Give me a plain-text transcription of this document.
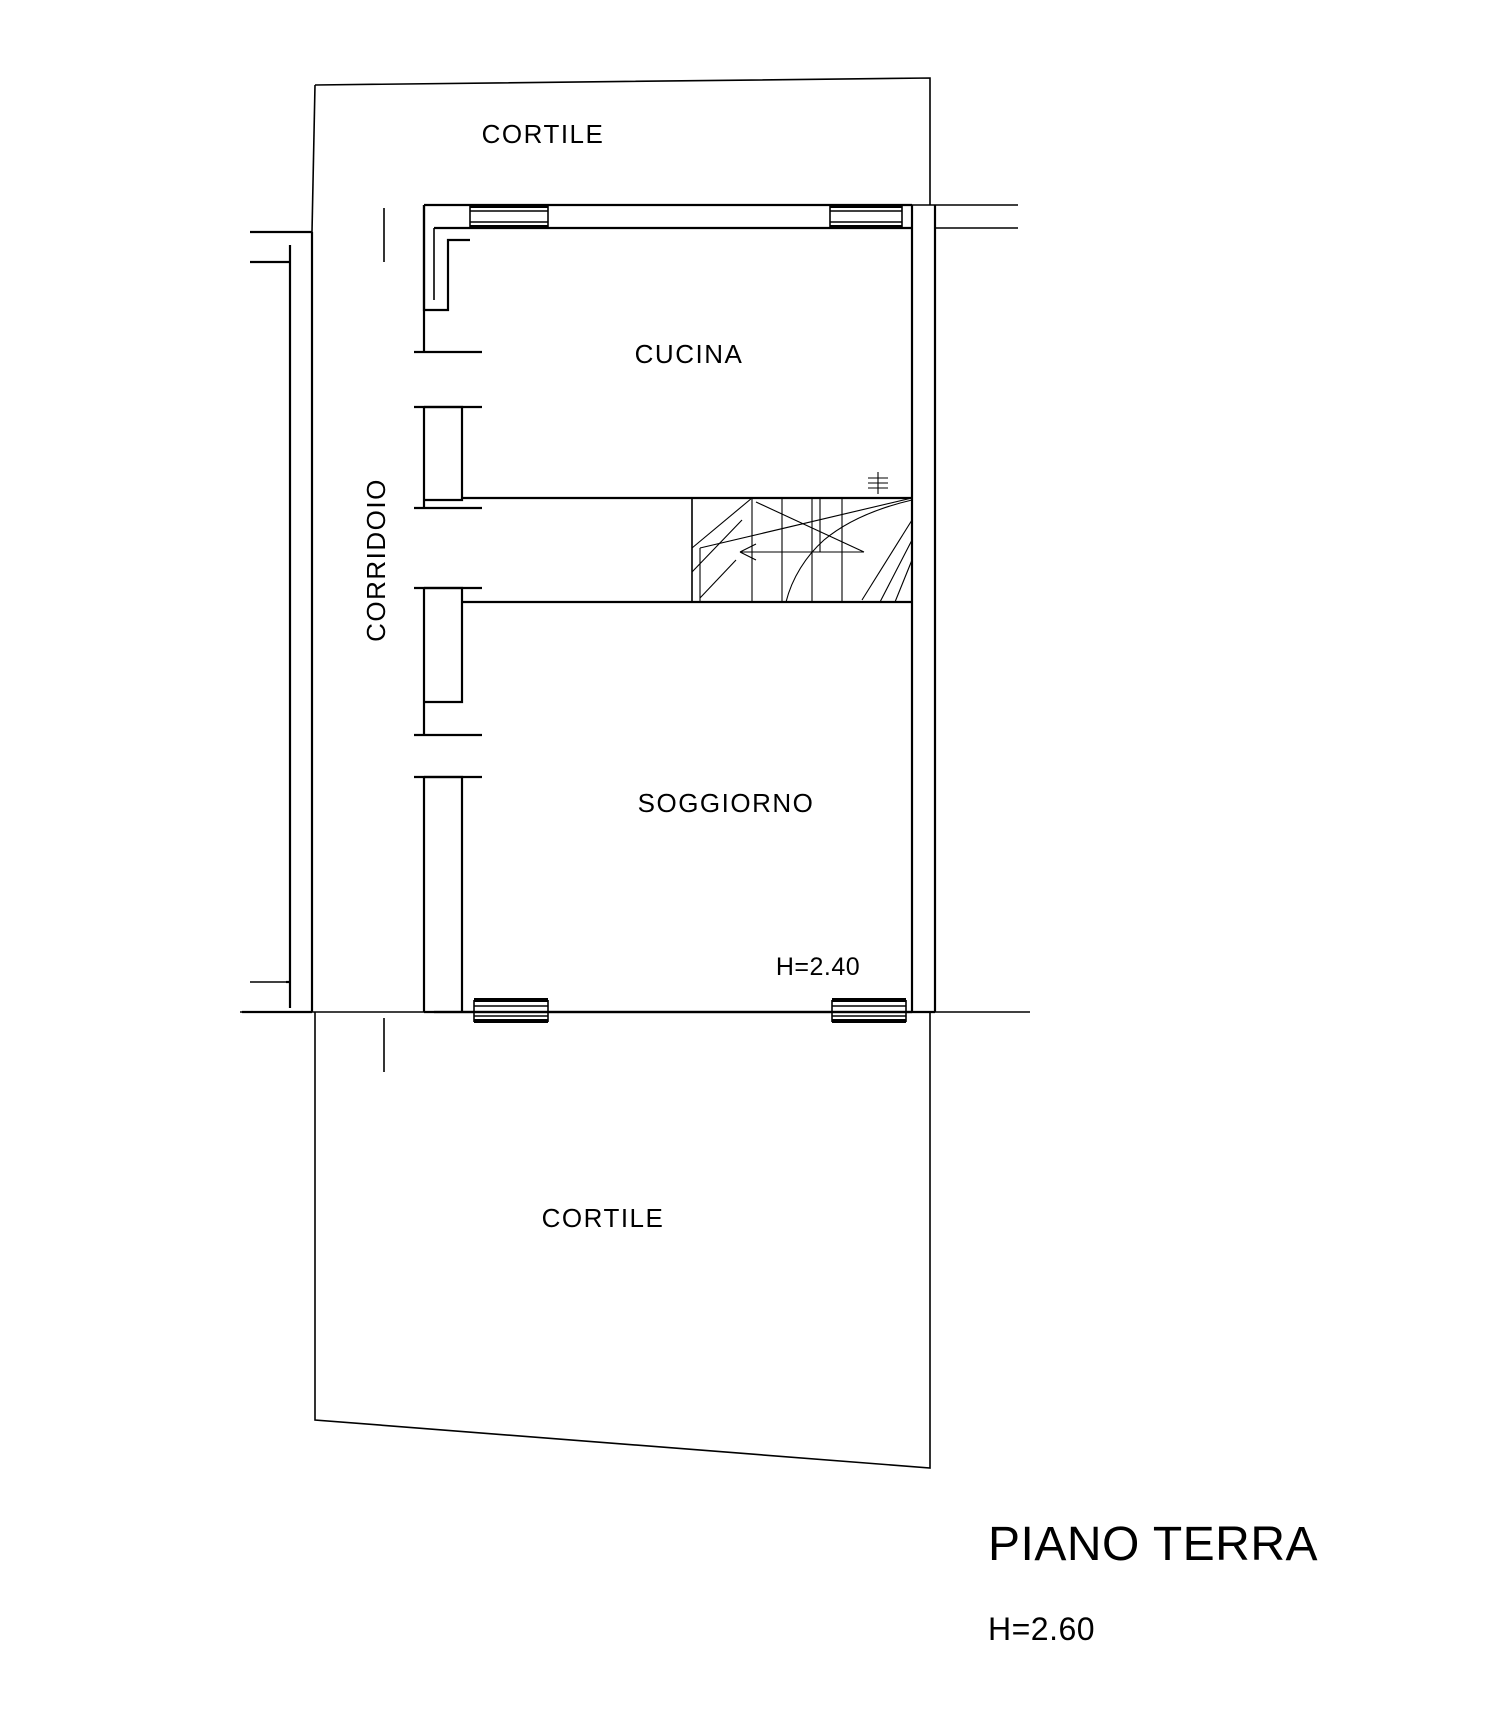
CORTILE
CUCINA
CORRIDOIO
SOGGIORNO
CORTILE
H=2.40
PIANO TERRA
H=2.60
